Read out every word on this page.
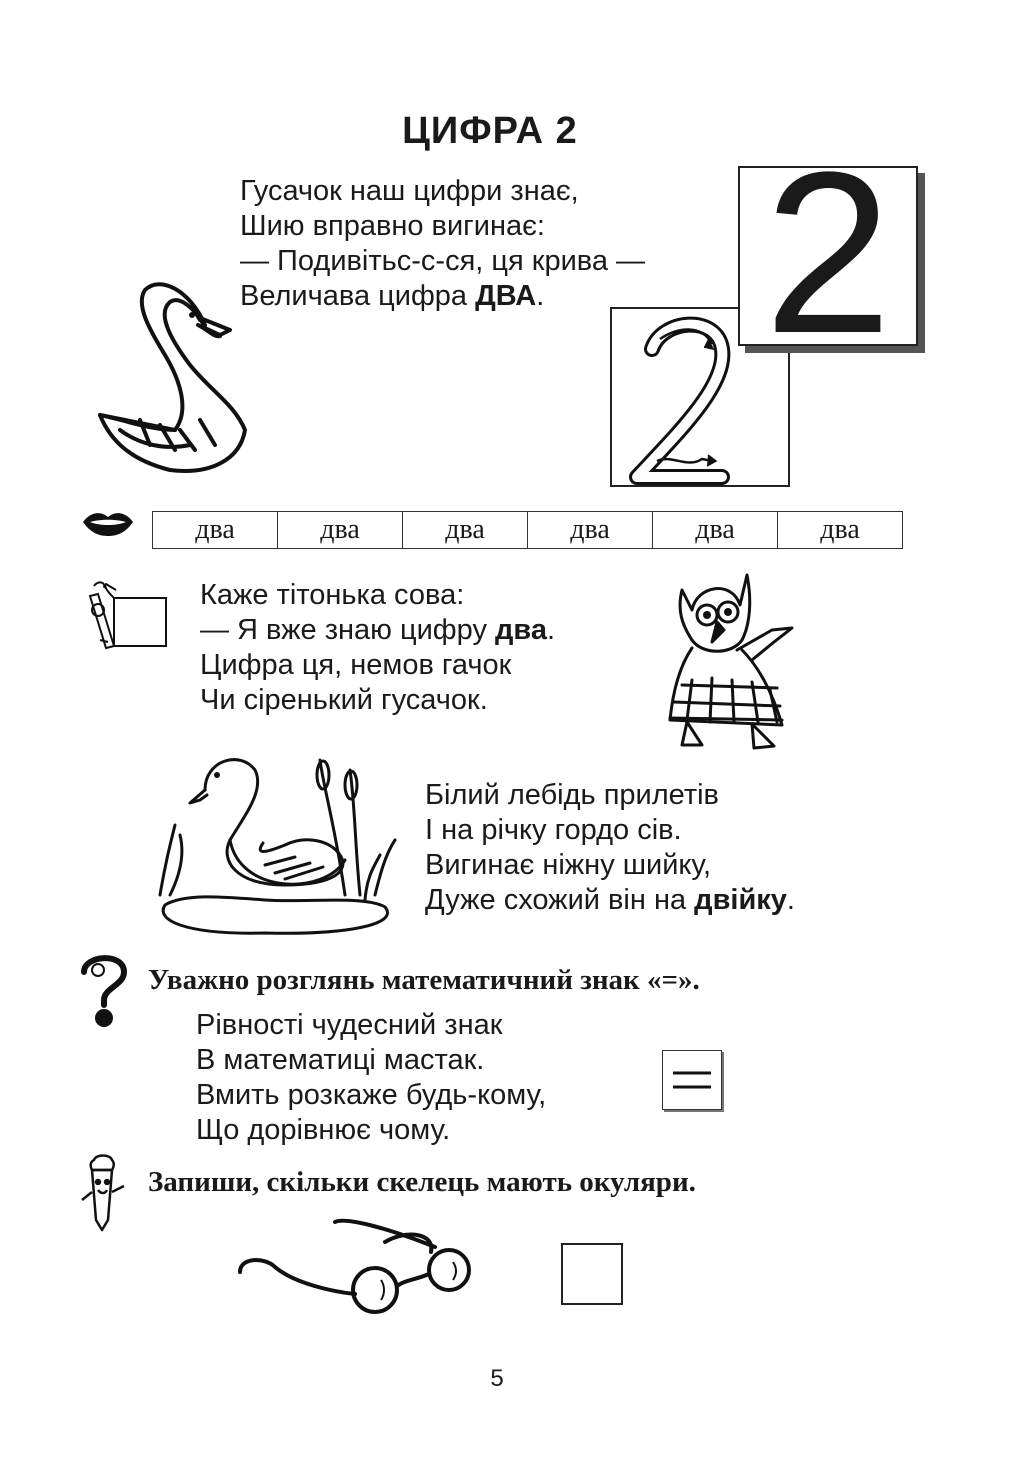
ЦИФРА 2
Гусачок наш цифри знає,
Шию вправно вигинає:
— Подивітьс-с-ся, ця крива —
Величава цифра ДВА. 2
два	два	два	два	два	два
Каже тітонька сова:
— Я вже знаю цифру два.
Цифра ця, немов гачок
Чи сіренький гусачок.
Білий лебідь прилетів
І на річку гордо сів.
Вигинає ніжну шийку,
Дуже схожий він на двійку.
Уважно розглянь математичний знак «=».
Рівності чудесний знак
В математиці мастак.
Вмить розкаже будь-кому,
Що дорівнює чому.
Запиши, скільки скелець мають окуляри.
5
